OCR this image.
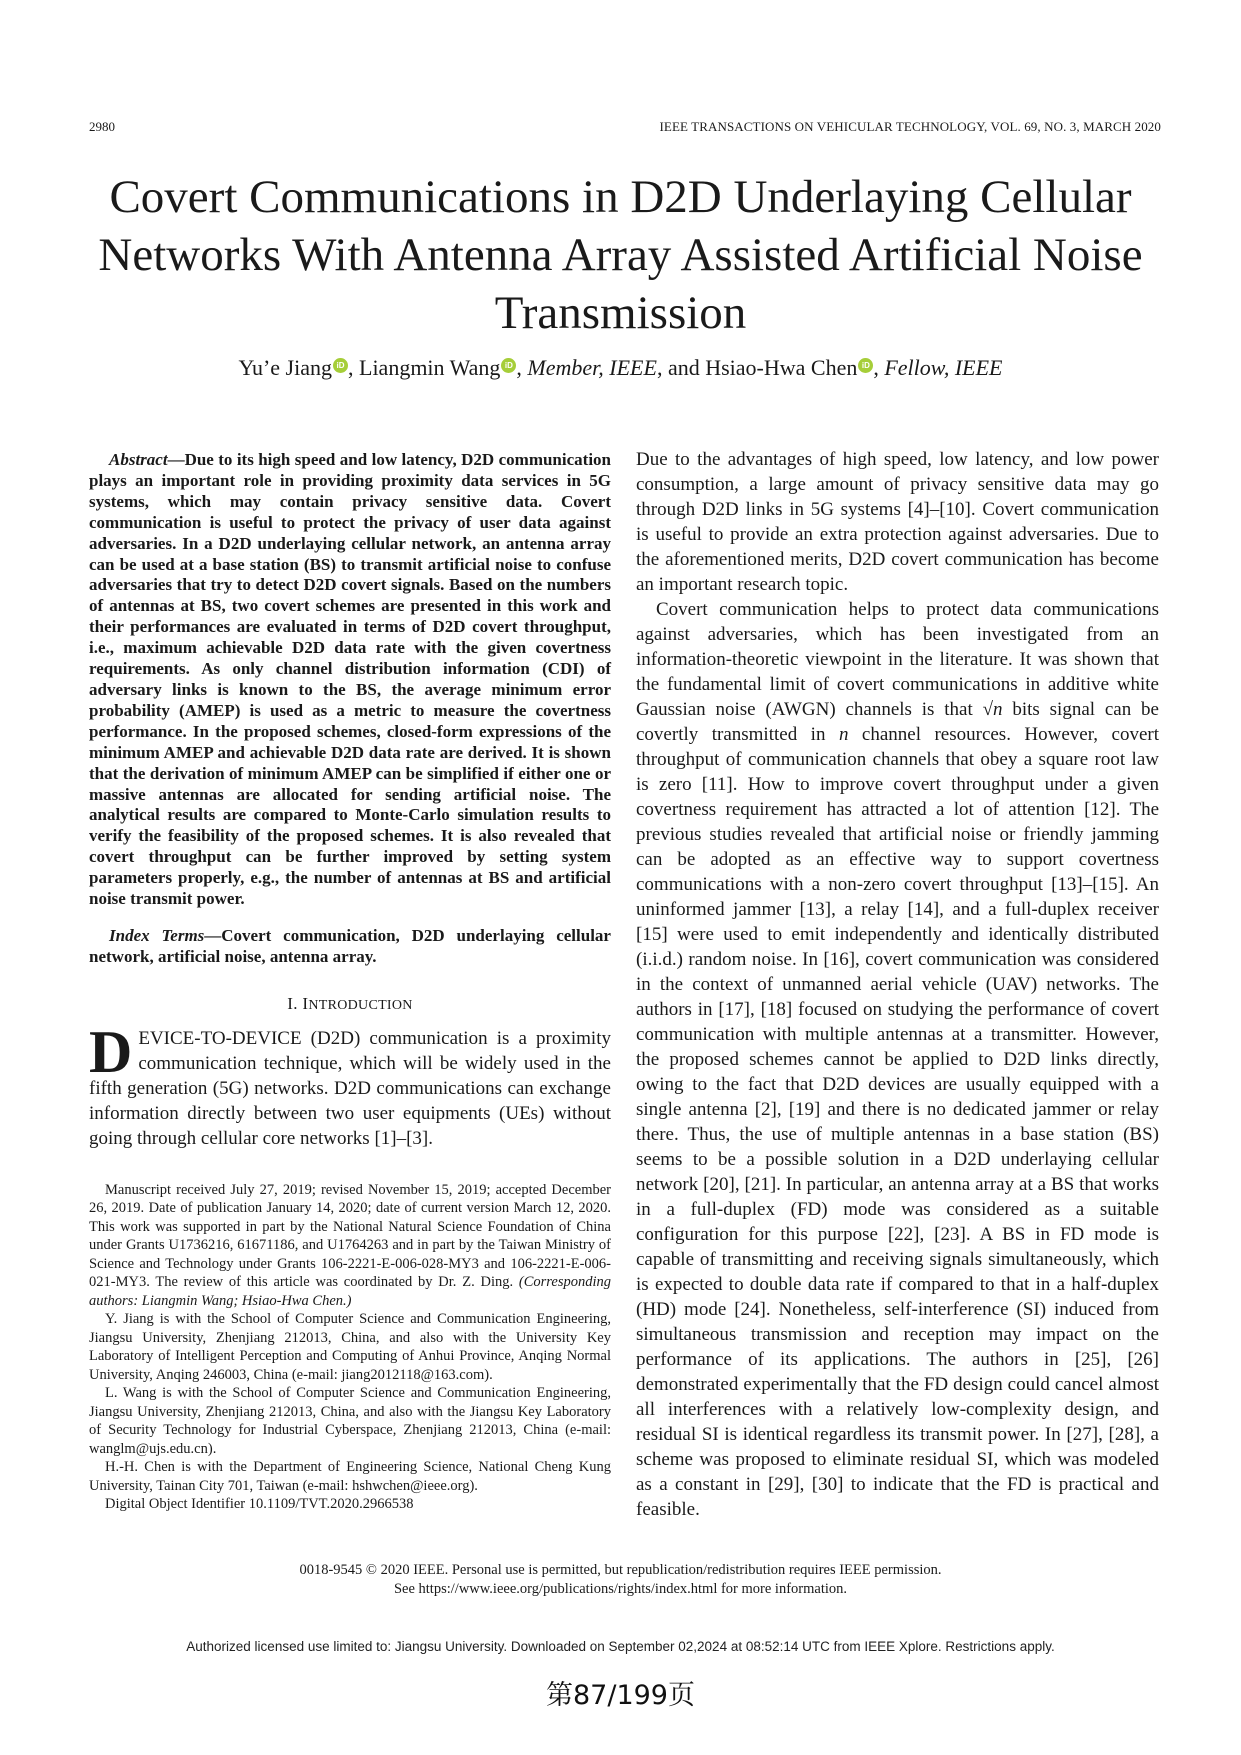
2980	IEEE TRANSACTIONS ON VEHICULAR TECHNOLOGY, VOL. 69, NO. 3, MARCH 2020
Covert Communications in D2D Underlaying Cellular Networks With Antenna Array Assisted Artificial Noise Transmission
Yu’e Jiang iD , Liangmin Wang iD , Member, IEEE, and Hsiao-Hwa Chen iD , Fellow, IEEE

Abstract—Due to its high speed and low latency, D2D communication plays an important role in providing proximity data services in 5G systems, which may contain privacy sensitive data. Covert communication is useful to protect the privacy of user data against adversaries. In a D2D underlaying cellular network, an antenna array can be used at a base station (BS) to transmit artificial noise to confuse adversaries that try to detect D2D covert signals. Based on the numbers of antennas at BS, two covert schemes are presented in this work and their performances are evaluated in terms of D2D covert throughput, i.e., maximum achievable D2D data rate with the given covertness requirements. As only channel distribution information (CDI) of adversary links is known to the BS, the average minimum error probability (AMEP) is used as a metric to measure the covertness performance. In the proposed schemes, closed-form expressions of the minimum AMEP and achievable D2D data rate are derived. It is shown that the derivation of minimum AMEP can be simplified if either one or massive antennas are allocated for sending artificial noise. The analytical results are compared to Monte-Carlo simulation results to verify the feasibility of the proposed schemes. It is also revealed that covert throughput can be further improved by setting system parameters properly, e.g., the number of antennas at BS and artificial noise transmit power.

Index Terms—Covert communication, D2D underlaying cellular network, artificial noise, antenna array.

I. INTRODUCTION

DEVICE-TO-DEVICE (D2D) communication is a proximity communication technique, which will be widely used in the fifth generation (5G) networks. D2D communications can exchange information directly between two user equipments (UEs) without going through cellular core networks [1]–[3].

Manuscript received July 27, 2019; revised November 15, 2019; accepted December 26, 2019. Date of publication January 14, 2020; date of current version March 12, 2020. This work was supported in part by the National Natural Science Foundation of China under Grants U1736216, 61671186, and U1764263 and in part by the Taiwan Ministry of Science and Technology under Grants 106-2221-E-006-028-MY3 and 106-2221-E-006-021-MY3. The review of this article was coordinated by Dr. Z. Ding. (Corresponding authors: Liangmin Wang; Hsiao-Hwa Chen.)

Y. Jiang is with the School of Computer Science and Communication Engineering, Jiangsu University, Zhenjiang 212013, China, and also with the University Key Laboratory of Intelligent Perception and Computing of Anhui Province, Anqing Normal University, Anqing 246003, China (e-mail: jiang2012118@163.com).

L. Wang is with the School of Computer Science and Communication Engineering, Jiangsu University, Zhenjiang 212013, China, and also with the Jiangsu Key Laboratory of Security Technology for Industrial Cyberspace, Zhenjiang 212013, China (e-mail: wanglm@ujs.edu.cn).

H.-H. Chen is with the Department of Engineering Science, National Cheng Kung University, Tainan City 701, Taiwan (e-mail: hshwchen@ieee.org).

Digital Object Identifier 10.1109/TVT.2020.2966538

Due to the advantages of high speed, low latency, and low power consumption, a large amount of privacy sensitive data may go through D2D links in 5G systems [4]–[10]. Covert communication is useful to provide an extra protection against adversaries. Due to the aforementioned merits, D2D covert communication has become an important research topic.

Covert communication helps to protect data communications against adversaries, which has been investigated from an information-theoretic viewpoint in the literature. It was shown that the fundamental limit of covert communications in additive white Gaussian noise (AWGN) channels is that √n bits signal can be covertly transmitted in n channel resources. However, covert throughput of communication channels that obey a square root law is zero [11]. How to improve covert throughput under a given covertness requirement has attracted a lot of attention [12]. The previous studies revealed that artificial noise or friendly jamming can be adopted as an effective way to support covertness communications with a non-zero covert throughput [13]–[15]. An uninformed jammer [13], a relay [14], and a full-duplex receiver [15] were used to emit independently and identically distributed (i.i.d.) random noise. In [16], covert communication was considered in the context of unmanned aerial vehicle (UAV) networks. The authors in [17], [18] focused on studying the performance of covert communication with multiple antennas at a transmitter. However, the proposed schemes cannot be applied to D2D links directly, owing to the fact that D2D devices are usually equipped with a single antenna [2], [19] and there is no dedicated jammer or relay there. Thus, the use of multiple antennas in a base station (BS) seems to be a possible solution in a D2D underlaying cellular network [20], [21]. In particular, an antenna array at a BS that works in a full-duplex (FD) mode was considered as a suitable configuration for this purpose [22], [23]. A BS in FD mode is capable of transmitting and receiving signals simultaneously, which is expected to double data rate if compared to that in a half-duplex (HD) mode [24]. Nonetheless, self-interference (SI) induced from simultaneous transmission and reception may impact on the performance of its applications. The authors in [25], [26] demonstrated experimentally that the FD design could cancel almost all interferences with a relatively low-complexity design, and residual SI is identical regardless its transmit power. In [27], [28], a scheme was proposed to eliminate residual SI, which was modeled as a constant in [29], [30] to indicate that the FD is practical and feasible.

0018-9545 © 2020 IEEE. Personal use is permitted, but republication/redistribution requires IEEE permission.
See https://www.ieee.org/publications/rights/index.html for more information.
Authorized licensed use limited to: Jiangsu University. Downloaded on September 02,2024 at 08:52:14 UTC from IEEE Xplore. Restrictions apply.
第87/199页
